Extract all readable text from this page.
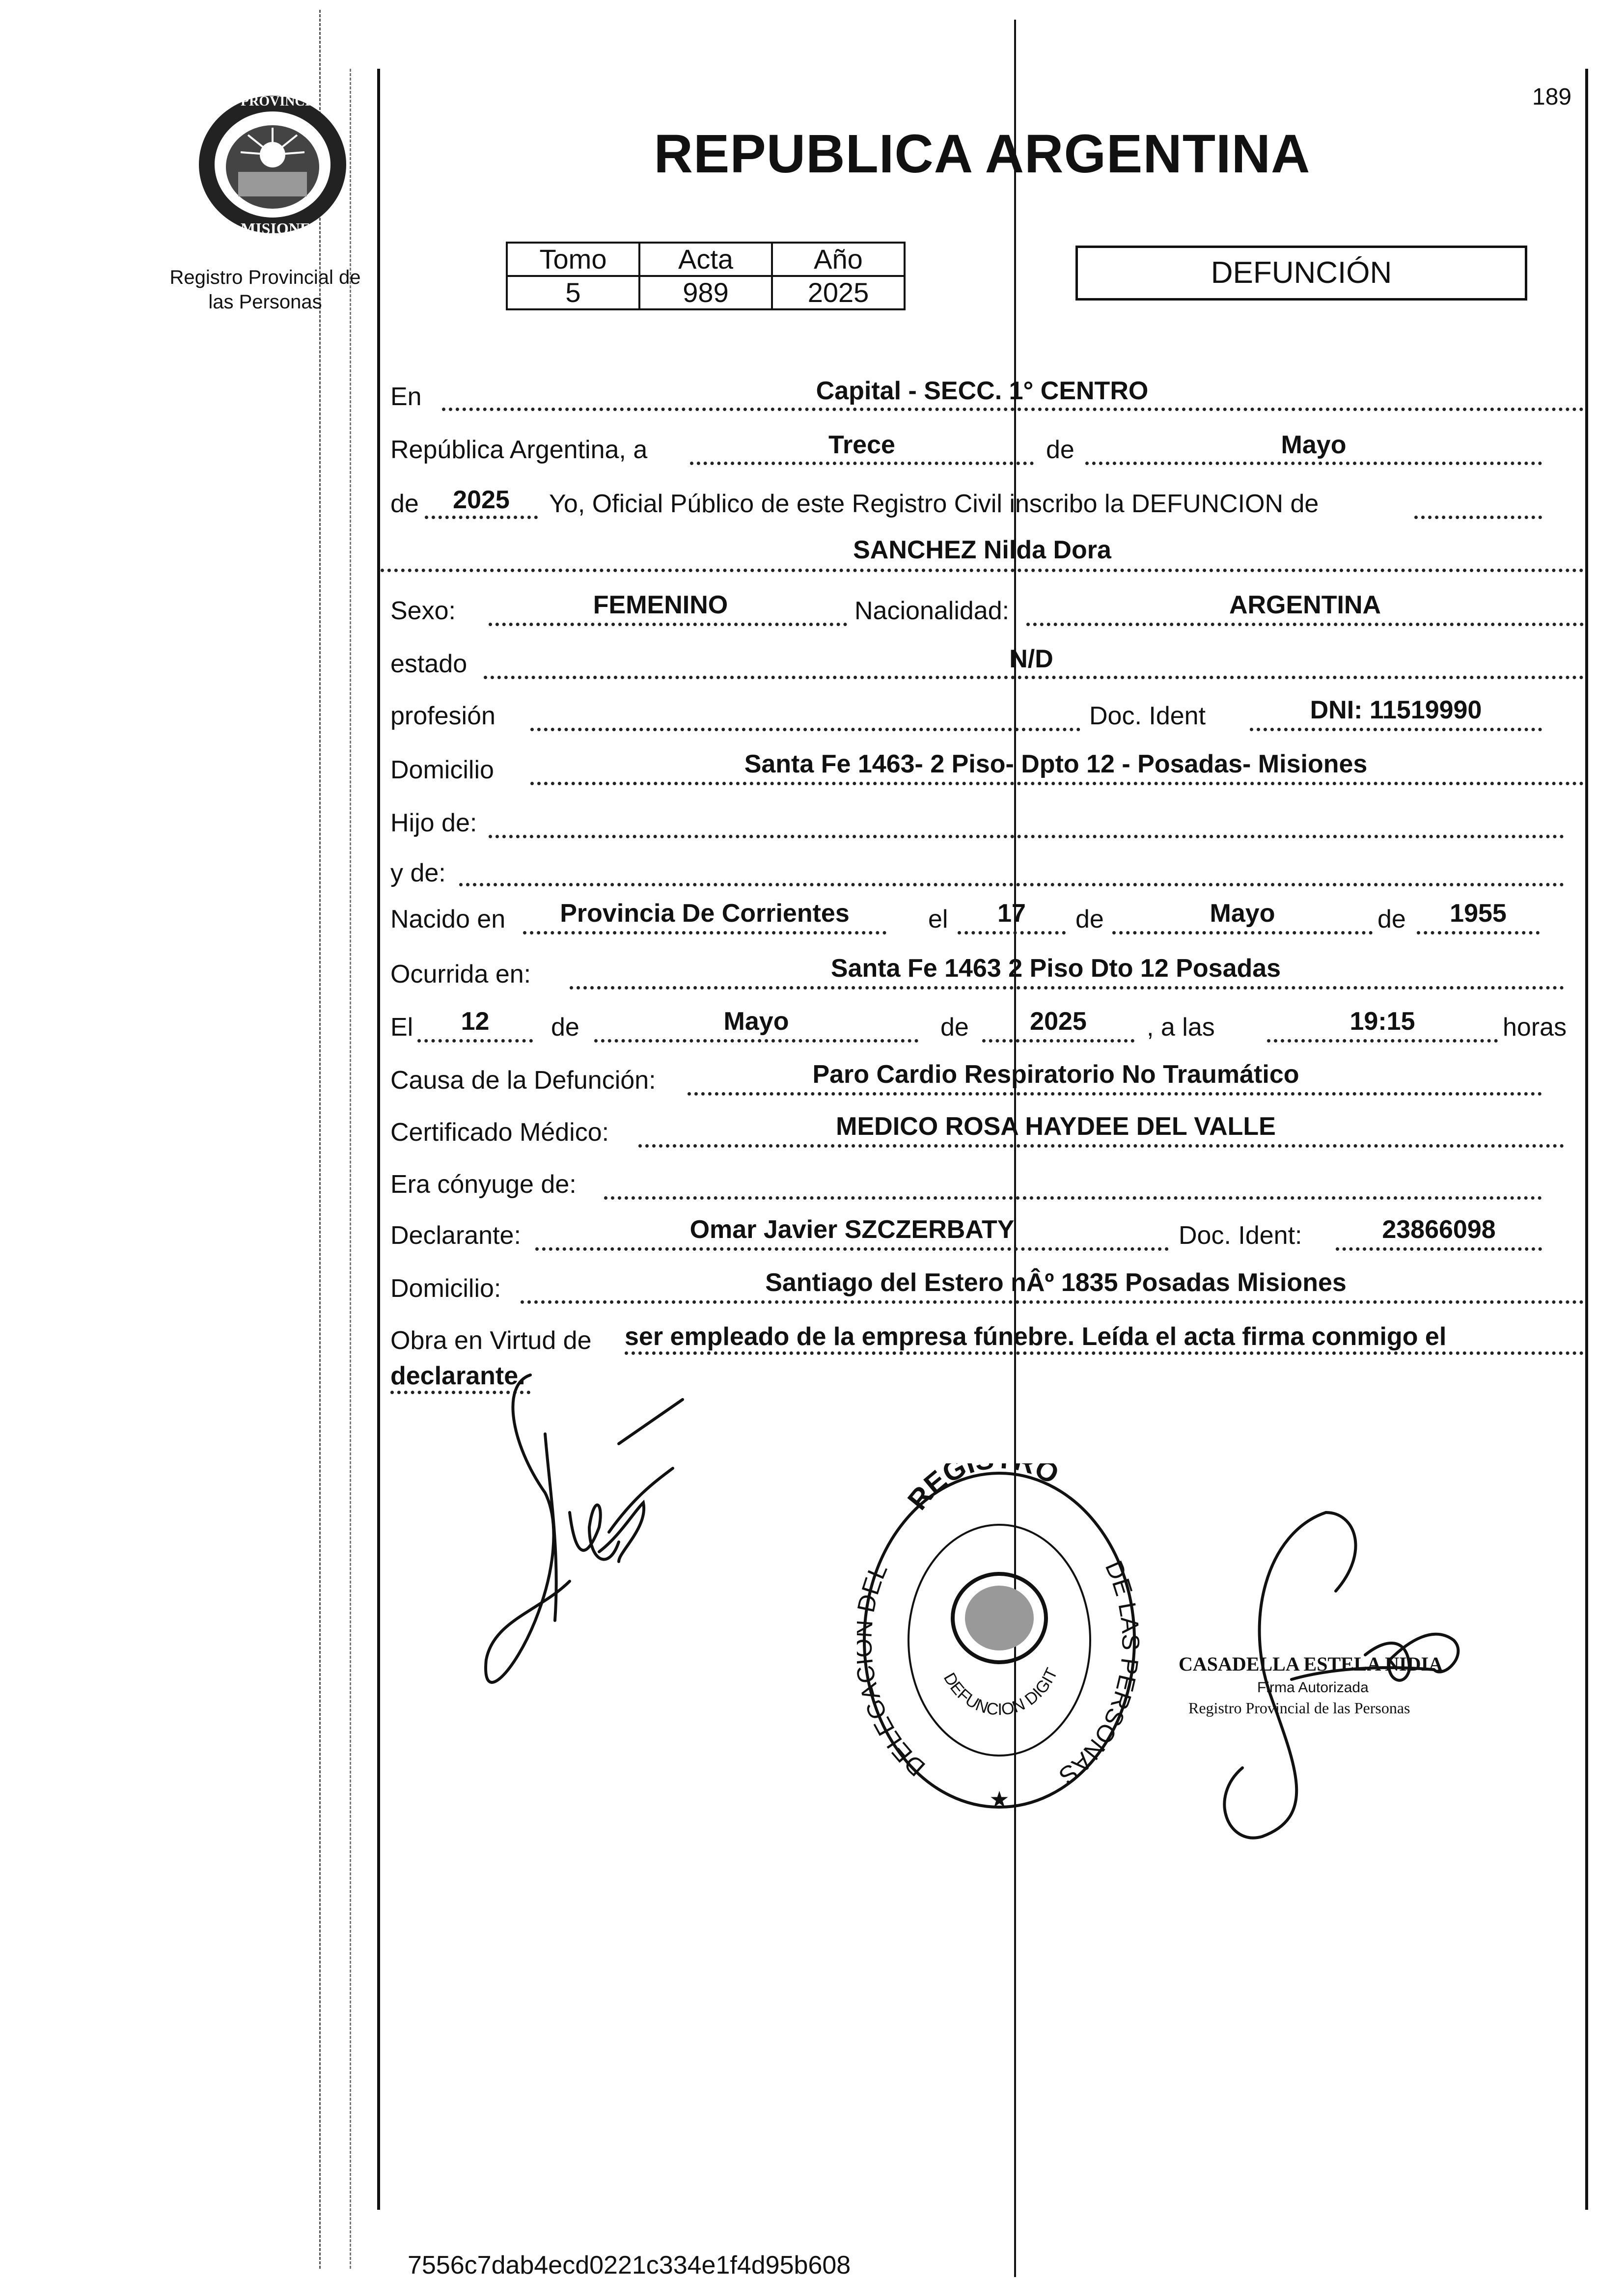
PROVINCIA DE
MISIONES
Registro Provincial de
las Personas
189
REPUBLICA ARGENTINA
Tomo	Acta	Año
5	989	2025
DEFUNCIÓN
En	Capital - SECC. 1° CENTRO
República Argentina, a	Trece	de	Mayo
de	2025	Yo, Oficial Público de este Registro Civil inscribo la DEFUNCION de
SANCHEZ Nilda Dora
Sexo:	FEMENINO	Nacionalidad:	ARGENTINA
estado	N/D
profesión	Doc. Ident	DNI: 11519990
Domicilio	Santa Fe 1463- 2 Piso- Dpto 12 - Posadas- Misiones
Hijo de:
y de:
Nacido en	Provincia De Corrientes	el	17	de	Mayo	de	1955
Ocurrida en:	Santa Fe 1463 2 Piso Dto 12 Posadas
El	12	de	Mayo	de	2025	, a las	19:15	horas
Causa de la Defunción:	Paro Cardio Respiratorio No Traumático
Certificado Médico:	MEDICO ROSA HAYDEE DEL VALLE
Era cónyuge de:
Declarante:	Omar Javier SZCZERBATY	Doc. Ident:	23866098
Domicilio:	Santiago del Estero nÂº 1835 Posadas Misiones
Obra en Virtud de ser empleado de la empresa fúnebre. Leída el acta firma conmigo el
declarante.
REGI O
DELEGA EL	DE LAS PERSONAS
DEFUNCION DIGIT
★
CASADELLA ESTELA NIDIA
Firma Autorizada
Registro Provincial de las Personas
7556c7dab4ecd0221c334e1f4d95b608
